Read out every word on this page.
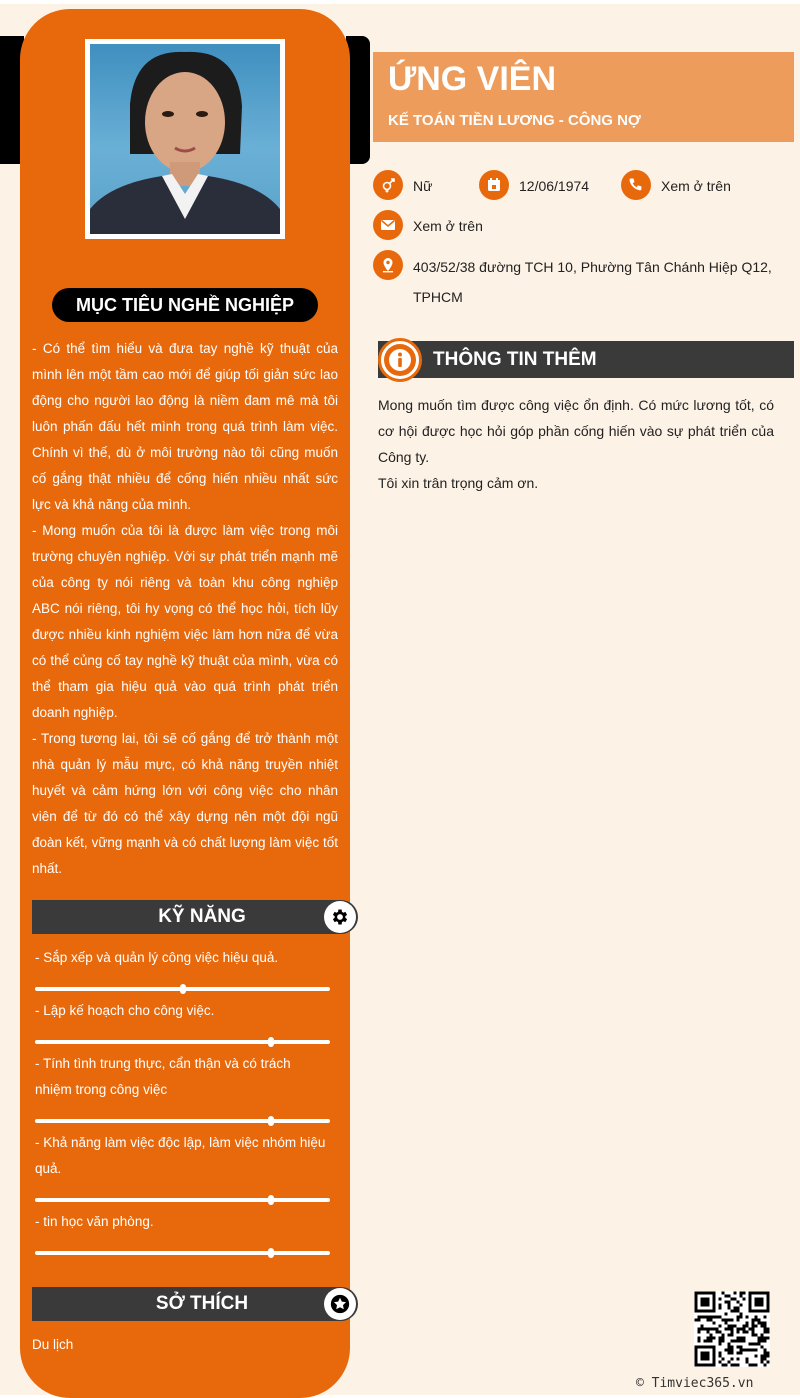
MỤC TIÊU NGHỀ NGHIỆP

- Có thể tìm hiểu và đưa tay nghề kỹ thuật của mình lên một tầm cao mới để giúp tối giản sức lao động cho người lao động là niềm đam mê mà tôi luôn phấn đấu hết mình trong quá trình làm việc. Chính vì thế, dù ở môi trường nào tôi cũng muốn cố gắng thật nhiều để cống hiến nhiều nhất sức lực và khả năng của mình.

- Mong muốn của tôi là được làm việc trong môi trường chuyên nghiệp. Với sự phát triển mạnh mẽ của công ty nói riêng và toàn khu công nghiệp ABC nói riêng, tôi hy vọng có thể học hỏi, tích lũy được nhiều kinh nghiệm việc làm hơn nữa để vừa có thể củng cố tay nghề kỹ thuật của mình, vừa có thể tham gia hiệu quả vào quá trình phát triển doanh nghiệp.

- Trong tương lai, tôi sẽ cố gắng để trở thành một nhà quản lý mẫu mực, có khả năng truyền nhiệt huyết và cảm hứng lớn với công việc cho nhân viên để từ đó có thể xây dựng nên một đội ngũ đoàn kết, vững mạnh và có chất lượng làm việc tốt nhất.

KỸ NĂNG
- Sắp xếp và quản lý công việc hiệu quả.
- Lập kế hoạch cho công việc.
- Tính tình trung thực, cẩn thận và có trách nhiệm trong công việc
- Khả năng làm việc độc lập, làm việc nhóm hiệu quả.
- tin học văn phòng.
SỞ THÍCH
Du lịch
ỨNG VIÊN
KẾ TOÁN TIỀN LƯƠNG - CÔNG NỢ
Nữ	12/06/1974	Xem ở trên
Xem ở trên
403/52/38 đường TCH 10, Phường Tân Chánh Hiệp Q12, TPHCM
THÔNG TIN THÊM

Mong muốn tìm được công việc ổn định. Có mức lương tốt, có cơ hội được học hỏi góp phần cống hiến vào sự phát triển của Công ty.

Tôi xin trân trọng cảm ơn.

© Timviec365.vn
